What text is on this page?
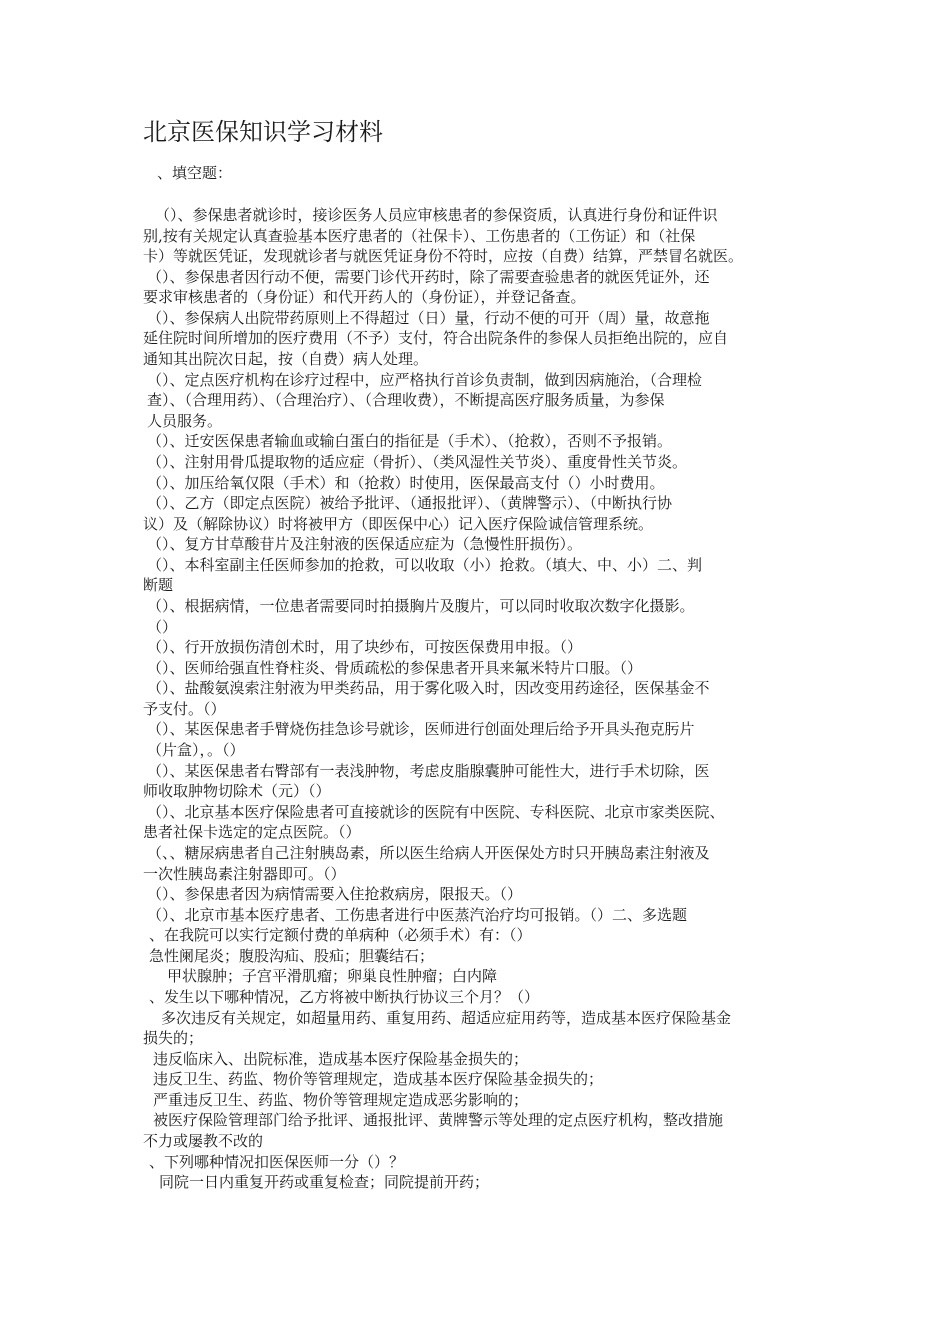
北京医保知识学习材料
、填空题：
（）、参保患者就诊时，接诊医务人员应审核患者的参保资质，认真进行身份和证件识
别,按有关规定认真查验基本医疗患者的（社保卡）、工伤患者的（工伤证）和（社保
卡）等就医凭证，发现就诊者与就医凭证身份不符时，应按（自费）结算，严禁冒名就医。
（）、参保患者因行动不便，需要门诊代开药时，除了需要查验患者的就医凭证外，还
要求审核患者的（身份证）和代开药人的（身份证），并登记备查。
（）、参保病人出院带药原则上不得超过（日）量，行动不便的可开（周）量，故意拖
延住院时间所增加的医疗费用（不予）支付，符合出院条件的参保人员拒绝出院的，应自
通知其出院次日起，按（自费）病人处理。
（）、定点医疗机构在诊疗过程中，应严格执行首诊负责制，做到因病施治，（合理检
查）、（合理用药）、（合理治疗）、（合理收费），不断提高医疗服务质量，为参保
人员服务。
（）、迁安医保患者输血或输白蛋白的指征是（手术）、（抢救），否则不予报销。
（）、注射用骨瓜提取物的适应症（骨折）、（类风湿性关节炎）、重度骨性关节炎。
（）、加压给氧仅限（手术）和（抢救）时使用，医保最高支付（）小时费用。
（）、乙方（即定点医院）被给予批评、（通报批评）、（黄牌警示）、（中断执行协
议）及（解除协议）时将被甲方（即医保中心）记入医疗保险诚信管理系统。
（）、复方甘草酸苷片及注射液的医保适应症为（急慢性肝损伤）。
（）、本科室副主任医师参加的抢救，可以收取（小）抢救。（填大、中、小）二、判
断题
（）、根据病情，一位患者需要同时拍摄胸片及腹片，可以同时收取次数字化摄影。
（）
（）、行开放损伤清创术时，用了块纱布，可按医保费用申报。（）
（）、医师给强直性脊柱炎、骨质疏松的参保患者开具来氟米特片口服。（）
（）、盐酸氨溴索注射液为甲类药品，用于雾化吸入时，因改变用药途径，医保基金不
予支付。（）
（）、某医保患者手臂烧伤挂急诊号就诊，医师进行创面处理后给予开具头孢克肟片
（片盒），。（）
（）、某医保患者右臀部有一表浅肿物，考虑皮脂腺囊肿可能性大，进行手术切除，医
师收取肿物切除术（元）（）
（）、北京基本医疗保险患者可直接就诊的医院有中医院、专科医院、北京市家类医院、
患者社保卡选定的定点医院。（）
（、、糖尿病患者自己注射胰岛素，所以医生给病人开医保处方时只开胰岛素注射液及
一次性胰岛素注射器即可。（）
（）、参保患者因为病情需要入住抢救病房，限报天。（）
（）、北京市基本医疗患者、工伤患者进行中医蒸汽治疗均可报销。（）二、多选题
、在我院可以实行定额付费的单病种（必须手术）有：（）
急性阑尾炎；腹股沟疝、股疝；胆囊结石；
甲状腺肿；子宫平滑肌瘤；卵巢良性肿瘤；白内障
、发生以下哪种情况，乙方将被中断执行协议三个月？（）
多次违反有关规定，如超量用药、重复用药、超适应症用药等，造成基本医疗保险基金
损失的；
违反临床入、出院标准，造成基本医疗保险基金损失的；
违反卫生、药监、物价等管理规定，造成基本医疗保险基金损失的；
严重违反卫生、药监、物价等管理规定造成恶劣影响的；
被医疗保险管理部门给予批评、通报批评、黄牌警示等处理的定点医疗机构，整改措施
不力或屡教不改的
、下列哪种情况扣医保医师一分（）？
同院一日内重复开药或重复检查；同院提前开药；
